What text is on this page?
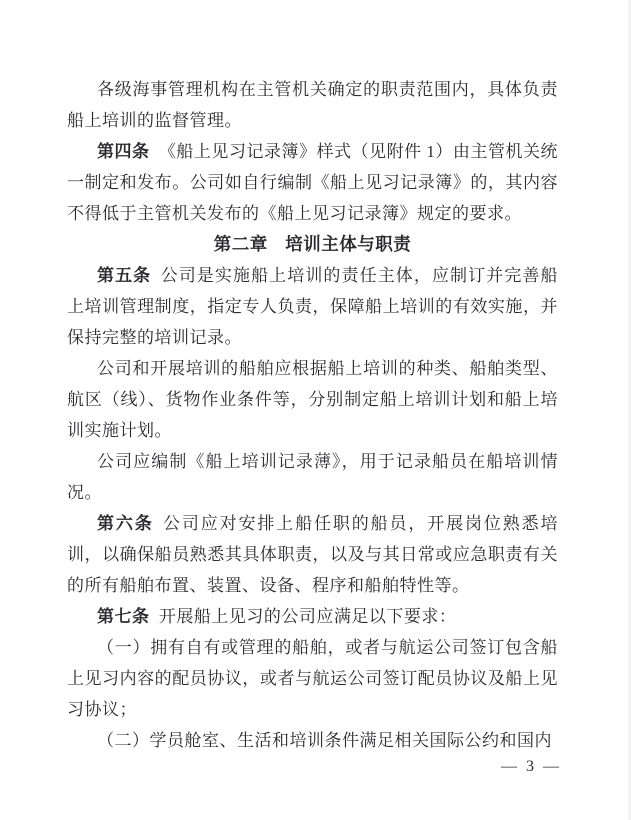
各级海事管理机构在主管机关确定的职责范围内，具体负责船上培训的监督管理。

第四条 《船上见习记录簿》样式（见附件 1）由主管机关统一制定和发布。公司如自行编制《船上见习记录簿》的，其内容不得低于主管机关发布的《船上见习记录簿》规定的要求。

第二章 培训主体与职责

第五条 公司是实施船上培训的责任主体，应制订并完善船上培训管理制度，指定专人负责，保障船上培训的有效实施，并保持完整的培训记录。

公司和开展培训的船舶应根据船上培训的种类、船舶类型、航区（线）、货物作业条件等，分别制定船上培训计划和船上培训实施计划。

公司应编制《船上培训记录薄》，用于记录船员在船培训情况。

第六条 公司应对安排上船任职的船员，开展岗位熟悉培训，以确保船员熟悉其具体职责，以及与其日常或应急职责有关的所有船舶布置、装置、设备、程序和船舶特性等。

第七条 开展船上见习的公司应满足以下要求：

（一）拥有自有或管理的船舶，或者与航运公司签订包含船上见习内容的配员协议，或者与航运公司签订配员协议及船上见习协议；

（二）学员舱室、生活和培训条件满足相关国际公约和国内

— 3 —
